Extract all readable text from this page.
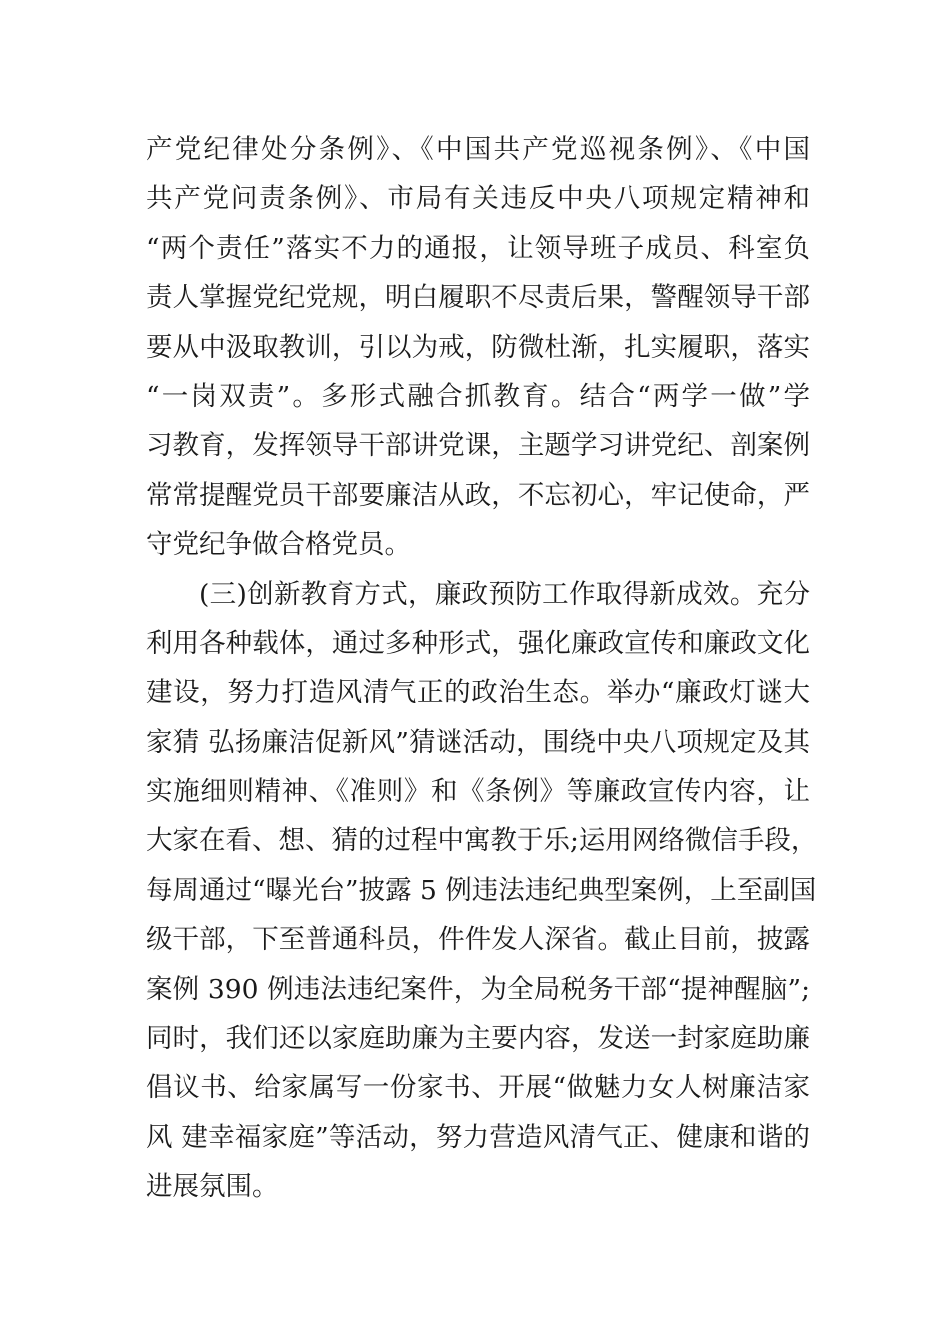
产党纪律处分条例》、《中国共产党巡视条例》、《中国
共产党问责条例》、市局有关违反中央八项规定精神和
“两个责任”落实不力的通报，让领导班子成员、科室负
责人掌握党纪党规，明白履职不尽责后果，警醒领导干部
要从中汲取教训，引以为戒，防微杜渐，扎实履职，落实
“一岗双责”。多形式融合抓教育。结合“两学一做”学
习教育，发挥领导干部讲党课，主题学习讲党纪、剖案例
常常提醒党员干部要廉洁从政，不忘初心，牢记使命，严
守党纪争做合格党员。
(三)创新教育方式，廉政预防工作取得新成效。充分
利用各种载体，通过多种形式，强化廉政宣传和廉政文化
建设，努力打造风清气正的政治生态。举办“廉政灯谜大
家猜 弘扬廉洁促新风”猜谜活动，围绕中央八项规定及其
实施细则精神、《准则》和《条例》等廉政宣传内容，让
大家在看、想、猜的过程中寓教于乐;运用网络微信手段，
每周通过“曝光台”披露 5 例违法违纪典型案例，上至副国
级干部，下至普通科员，件件发人深省。截止目前，披露
案例 390 例违法违纪案件，为全局税务干部“提神醒脑”;
同时，我们还以家庭助廉为主要内容，发送一封家庭助廉
倡议书、给家属写一份家书、开展“做魅力女人树廉洁家
风 建幸福家庭”等活动，努力营造风清气正、健康和谐的
进展氛围。
